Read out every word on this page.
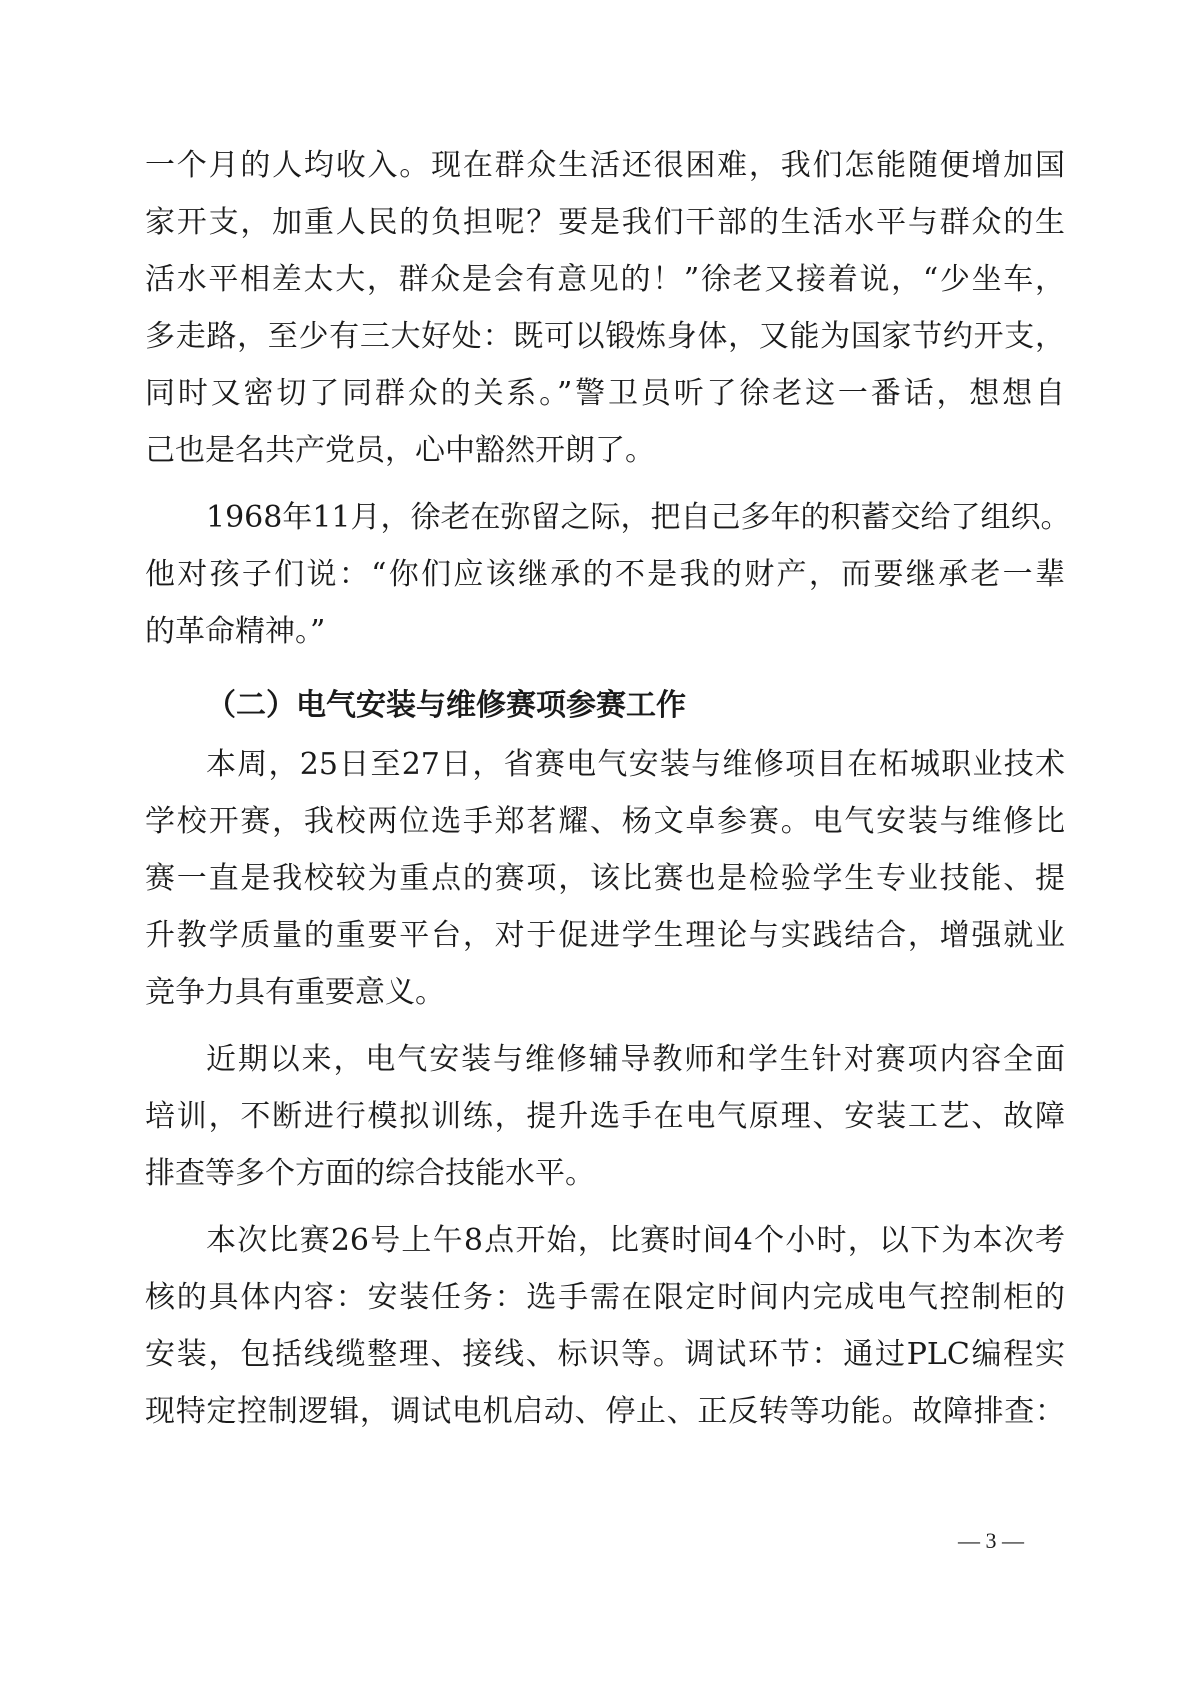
一个月的人均收入。现在群众生活还很困难，我们怎能随便增加国
家开支，加重人民的负担呢？要是我们干部的生活水平与群众的生
活水平相差太大，群众是会有意见的！”徐老又接着说，“少坐车，
多走路，至少有三大好处：既可以锻炼身体，又能为国家节约开支，
同时又密切了同群众的关系。”警卫员听了徐老这一番话，想想自
己也是名共产党员，心中豁然开朗了。
1968年11月，徐老在弥留之际，把自己多年的积蓄交给了组织。
他对孩子们说：“你们应该继承的不是我的财产，而要继承老一辈
的革命精神。”
（二）电气安装与维修赛项参赛工作
本周，25日至27日，省赛电气安装与维修项目在柘城职业技术
学校开赛，我校两位选手郑茗耀、杨文卓参赛。电气安装与维修比
赛一直是我校较为重点的赛项，该比赛也是检验学生专业技能、提
升教学质量的重要平台，对于促进学生理论与实践结合，增强就业
竞争力具有重要意义。
近期以来，电气安装与维修辅导教师和学生针对赛项内容全面
培训，不断进行模拟训练，提升选手在电气原理、安装工艺、故障
排查等多个方面的综合技能水平。
本次比赛26号上午8点开始，比赛时间4个小时，以下为本次考
核的具体内容：安装任务：选手需在限定时间内完成电气控制柜的
安装，包括线缆整理、接线、标识等。调试环节：通过PLC编程实
现特定控制逻辑，调试电机启动、停止、正反转等功能。故障排查：
— 3 —
